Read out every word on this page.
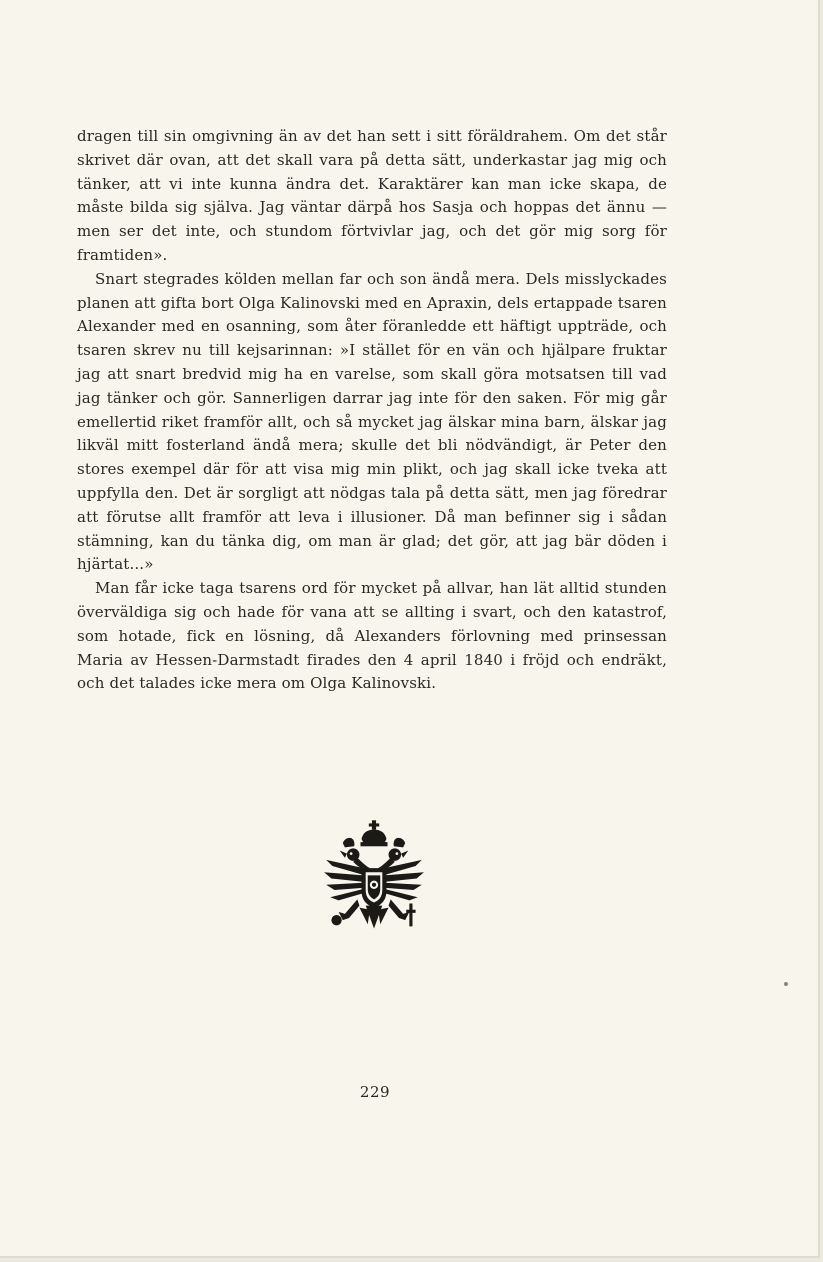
dragen till sin omgivning än av det han sett i sitt föräldrahem. Om det står skrivet där ovan, att det skall vara på detta sätt, underkastar jag mig och tänker, att vi inte kunna ändra det. Karaktärer kan man icke skapa, de måste bilda sig själva. Jag väntar därpå hos Sasja och hoppas det ännu — men ser det inte, och stundom förtvivlar jag, och det gör mig sorg för framtiden».

Snart stegrades kölden mellan far och son ändå mera. Dels misslyckades planen att gifta bort Olga Kalinovski med en Apraxin, dels ertappade tsaren Alexander med en osanning, som åter föranledde ett häftigt uppträde, och tsaren skrev nu till kejsarinnan: »I stället för en vän och hjälpare fruktar jag att snart bredvid mig ha en varelse, som skall göra motsatsen till vad jag tänker och gör. Sannerligen darrar jag inte för den saken. För mig går emellertid riket framför allt, och så mycket jag älskar mina barn, älskar jag likväl mitt fosterland ändå mera; skulle det bli nödvändigt, är Peter den stores exempel där för att visa mig min plikt, och jag skall icke tveka att uppfylla den. Det är sorgligt att nödgas tala på detta sätt, men jag föredrar att förutse allt framför att leva i illusioner. Då man befinner sig i sådan stämning, kan du tänka dig, om man är glad; det gör, att jag bär döden i hjärtat...»

Man får icke taga tsarens ord för mycket på allvar, han lät alltid stunden överväldiga sig och hade för vana att se allting i svart, och den katastrof, som hotade, fick en lösning, då Alexanders förlovning med prinsessan Maria av Hessen-Darmstadt firades den 4 april 1840 i fröjd och endräkt, och det talades icke mera om Olga Kalinovski.

229
